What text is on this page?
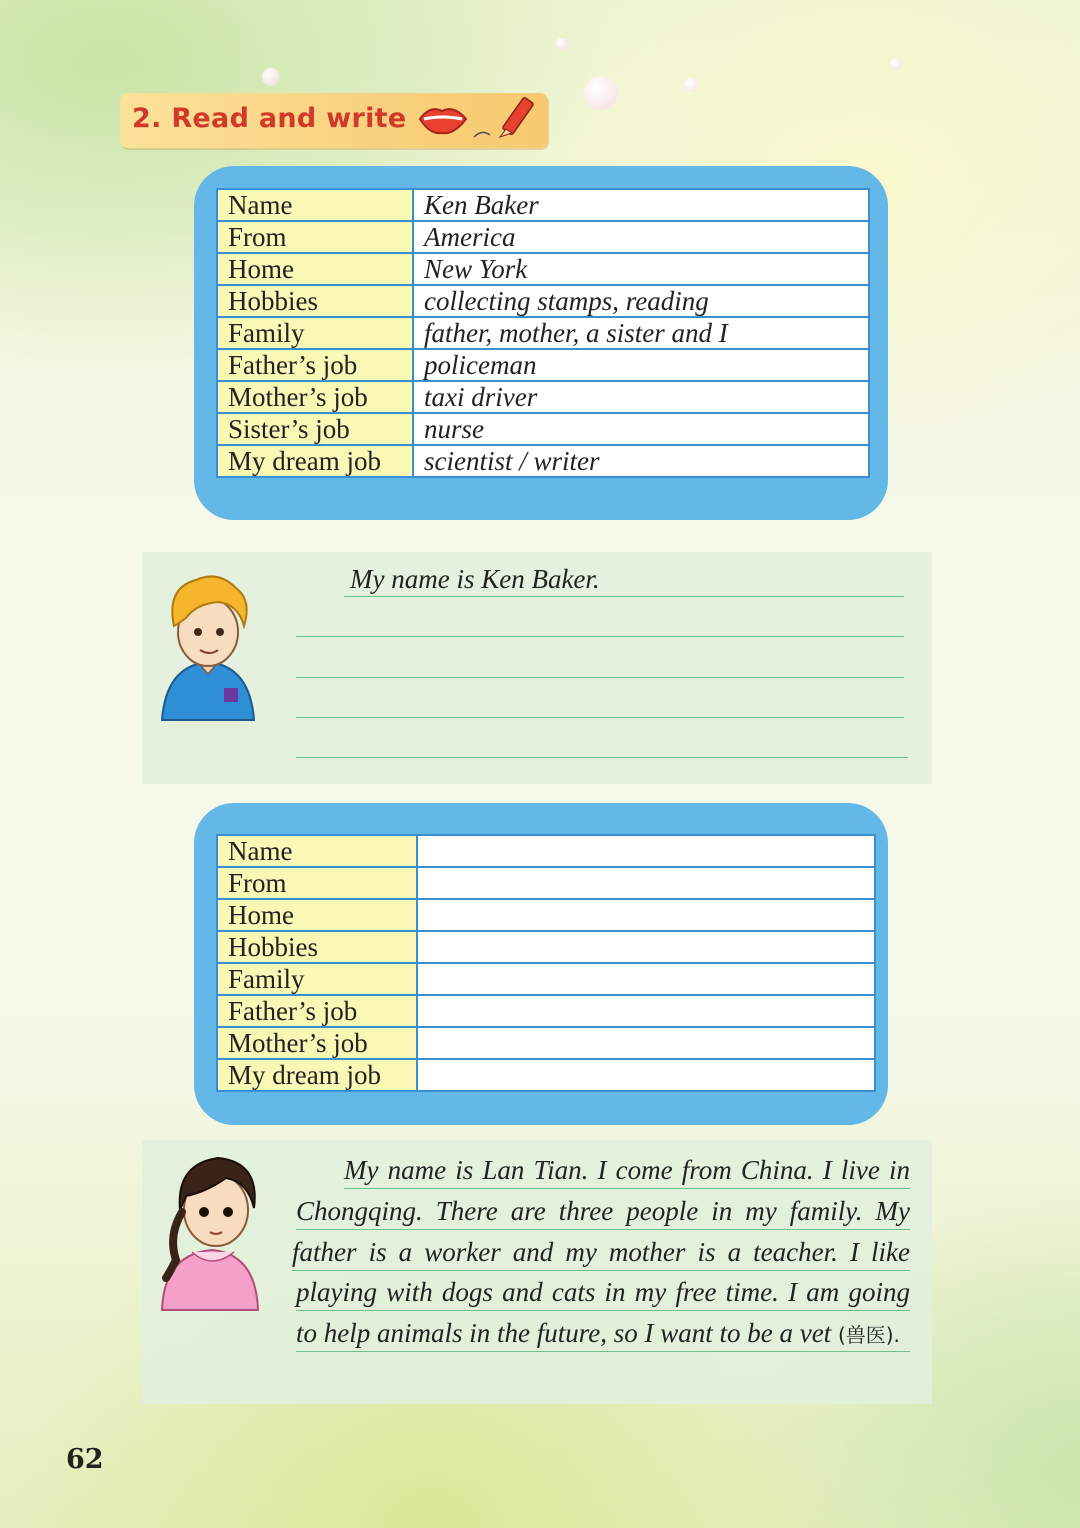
2. Read and write
Name	Ken Baker
From	America
Home	New York
Hobbies	collecting stamps, reading
Family	father, mother, a sister and I
Father’s job	policeman
Mother’s job	taxi driver
Sister’s job	nurse
My dream job	scientist / writer
My name is Ken Baker.
Name	
From	
Home	
Hobbies	
Family	
Father’s job	
Mother’s job	
My dream job	
My name is Lan Tian. I come from China. I live in
Chongqing. There are three people in my family. My
father is a worker and my mother is a teacher. I like
playing with dogs and cats in my free time. I am going
to help animals in the future, so I want to be a vet (兽医).
62
